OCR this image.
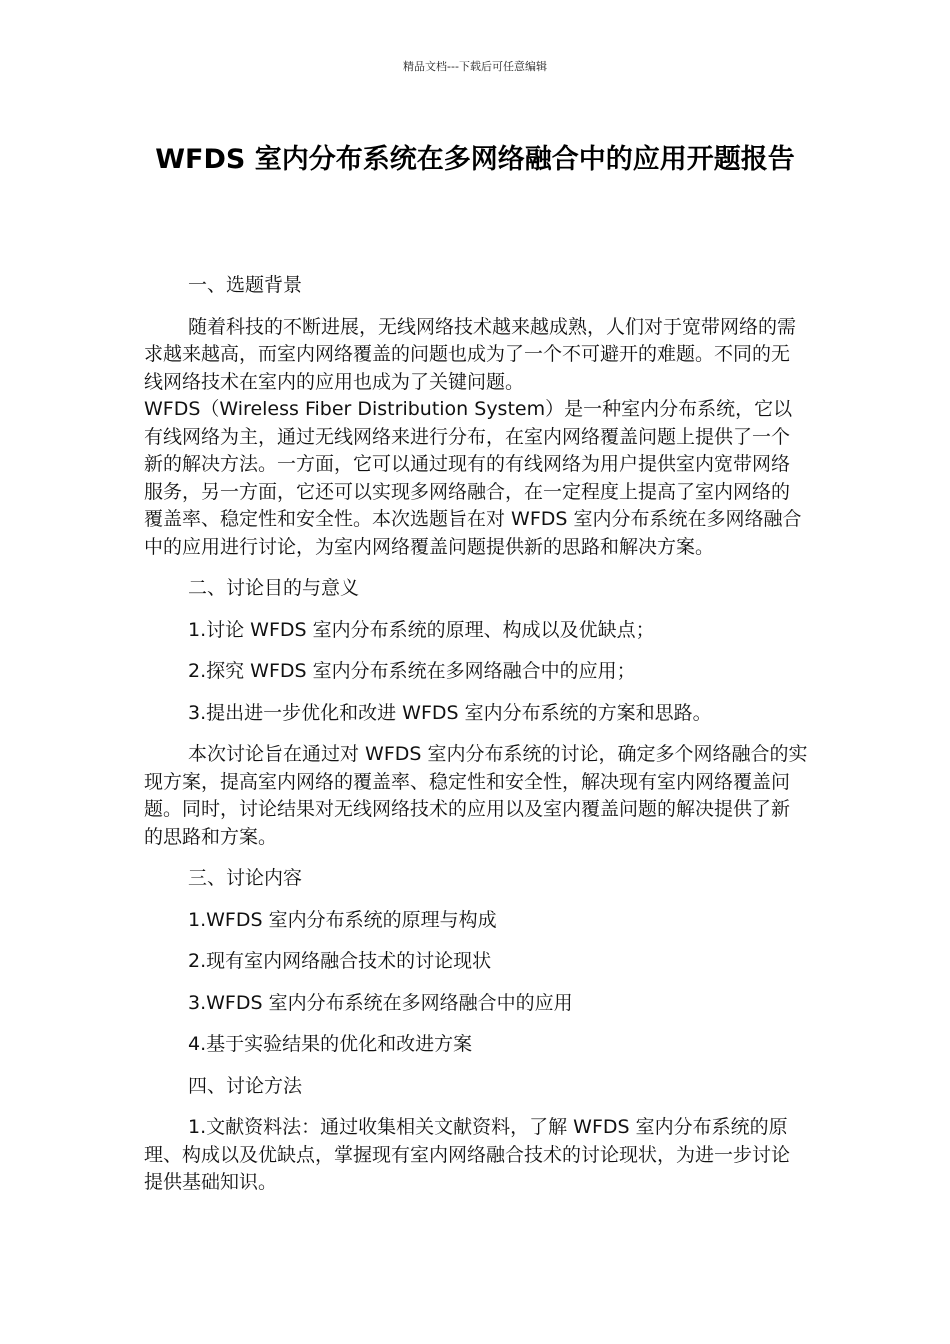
精品文档---下载后可任意编辑
WFDS 室内分布系统在多网络融合中的应用开题报告

一、选题背景

随着科技的不断进展，无线网络技术越来越成熟，人们对于宽带网络的需求越来越高，而室内网络覆盖的问题也成为了一个不可避开的难题。不同的无线网络技术在室内的应用也成为了关键问题。

WFDS（Wireless Fiber Distribution System）是一种室内分布系统，它以有线网络为主，通过无线网络来进行分布，在室内网络覆盖问题上提供了一个新的解决方法。一方面，它可以通过现有的有线网络为用户提供室内宽带网络服务，另一方面，它还可以实现多网络融合，在一定程度上提高了室内网络的覆盖率、稳定性和安全性。本次选题旨在对 WFDS 室内分布系统在多网络融合中的应用进行讨论，为室内网络覆盖问题提供新的思路和解决方案。

二、讨论目的与意义

1.讨论 WFDS 室内分布系统的原理、构成以及优缺点；

2.探究 WFDS 室内分布系统在多网络融合中的应用；

3.提出进一步优化和改进 WFDS 室内分布系统的方案和思路。

本次讨论旨在通过对 WFDS 室内分布系统的讨论，确定多个网络融合的实现方案，提高室内网络的覆盖率、稳定性和安全性，解决现有室内网络覆盖问题。同时，讨论结果对无线网络技术的应用以及室内覆盖问题的解决提供了新的思路和方案。

三、讨论内容

1.WFDS 室内分布系统的原理与构成

2.现有室内网络融合技术的讨论现状

3.WFDS 室内分布系统在多网络融合中的应用

4.基于实验结果的优化和改进方案

四、讨论方法

1.文献资料法：通过收集相关文献资料，了解 WFDS 室内分布系统的原理、构成以及优缺点，掌握现有室内网络融合技术的讨论现状，为进一步讨论提供基础知识。
